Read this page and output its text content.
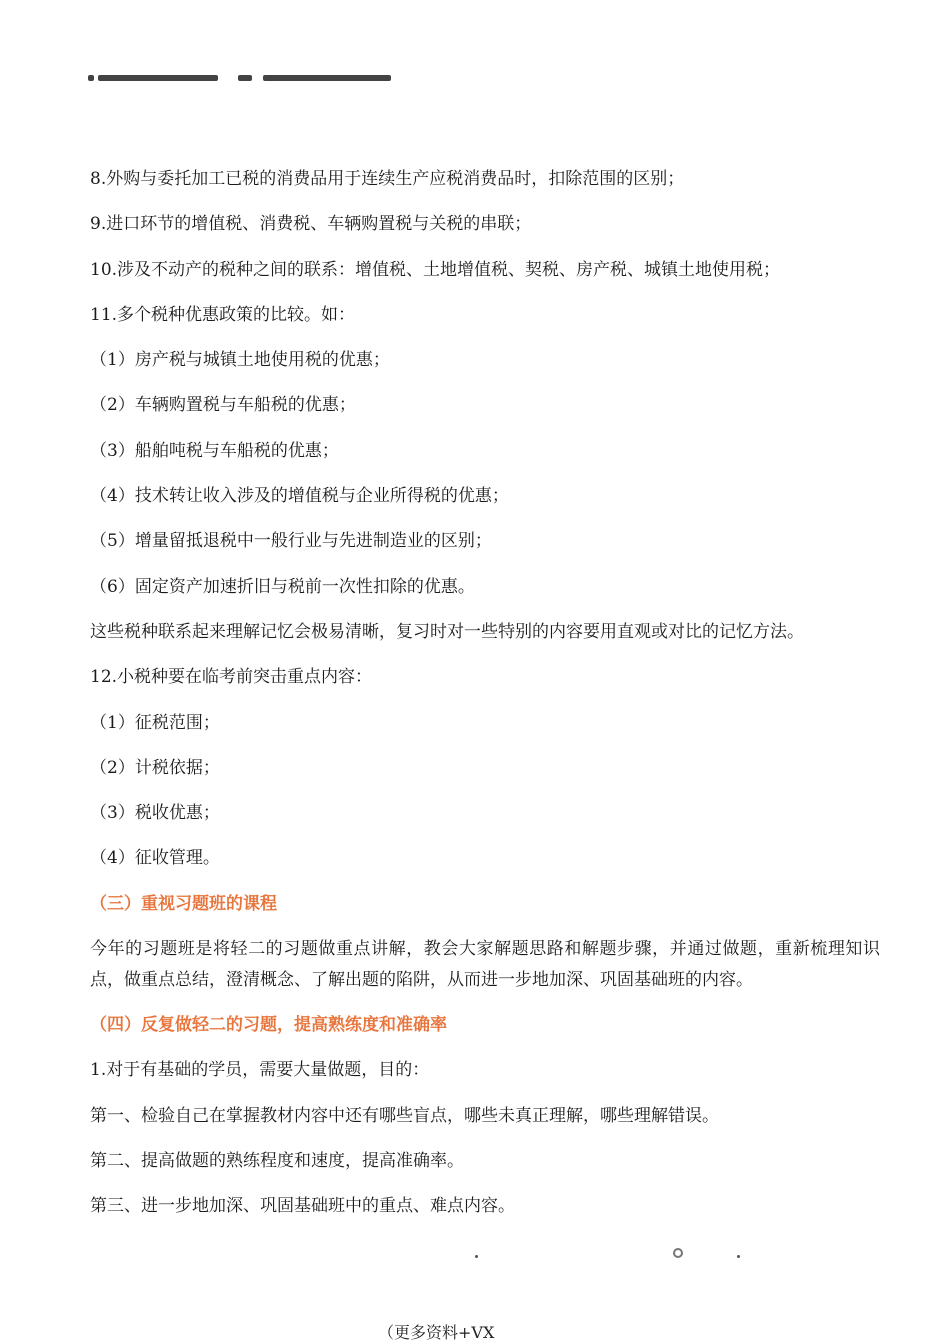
8.外购与委托加工已税的消费品用于连续生产应税消费品时，扣除范围的区别；
9.进口环节的增值税、消费税、车辆购置税与关税的串联；
10.涉及不动产的税种之间的联系：增值税、土地增值税、契税、房产税、城镇土地使用税；
11.多个税种优惠政策的比较。如：
（1）房产税与城镇土地使用税的优惠；
（2）车辆购置税与车船税的优惠；
（3）船舶吨税与车船税的优惠；
（4）技术转让收入涉及的增值税与企业所得税的优惠；
（5）增量留抵退税中一般行业与先进制造业的区别；
（6）固定资产加速折旧与税前一次性扣除的优惠。
这些税种联系起来理解记忆会极易清晰，复习时对一些特别的内容要用直观或对比的记忆方法。
12.小税种要在临考前突击重点内容：
（1）征税范围；
（2）计税依据；
（3）税收优惠；
（4）征收管理。
（三）重视习题班的课程
今年的习题班是将轻二的习题做重点讲解，教会大家解题思路和解题步骤，并通过做题，重新梳理知识点，做重点总结，澄清概念、了解出题的陷阱，从而进一步地加深、巩固基础班的内容。
（四）反复做轻二的习题，提高熟练度和准确率
1.对于有基础的学员，需要大量做题，目的：
第一、检验自己在掌握教材内容中还有哪些盲点，哪些未真正理解，哪些理解错误。
第二、提高做题的熟练程度和速度，提高准确率。
第三、进一步地加深、巩固基础班中的重点、难点内容。
（更多资料+VX
